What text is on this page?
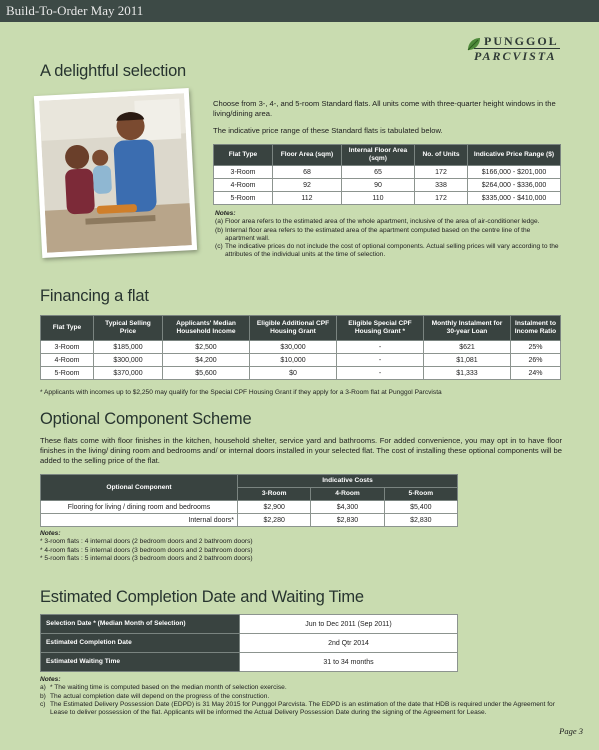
Build-To-Order May 2011
PUNGGOL
PARCVISTA
A delightful selection

Choose from 3-, 4-, and 5-room Standard flats. All units come with three-quarter height windows in the living/dining area.

The indicative price range of these Standard flats is tabulated below.

Flat Type	Floor Area (sqm)	Internal Floor Area (sqm)	No. of Units	Indicative Price Range ($)
3-Room	68	65	172	$166,000 - $201,000
4-Room	92	90	338	$264,000 - $336,000
5-Room	112	110	172	$335,000 - $410,000
Notes:
(a) Floor area refers to the estimated area of the whole apartment, inclusive of the area of air-conditioner ledge.
(b) Internal floor area refers to the estimated area of the apartment computed based on the centre line of the apartment wall.
(c) The indicative prices do not include the cost of optional components. Actual selling prices will vary according to the attributes of the individual units at the time of selection.
Financing a flat
Flat Type	Typical Selling Price	Applicants' Median Household Income	Eligible Additional CPF Housing Grant	Eligible Special CPF Housing Grant *	Monthly Instalment for 30-year Loan	Instalment to Income Ratio
3-Room	$185,000	$2,500	$30,000	-	$621	25%
4-Room	$300,000	$4,200	$10,000	-	$1,081	26%
5-Room	$370,000	$5,600	$0	-	$1,333	24%
* Applicants with incomes up to $2,250 may qualify for the Special CPF Housing Grant if they apply for a 3-Room flat at Punggol Parcvista
Optional Component Scheme

These flats come with floor finishes in the kitchen, household shelter, service yard and bathrooms. For added convenience, you may opt in to have floor finishes in the living/ dining room and bedrooms and/ or internal doors installed in your selected flat. The cost of installing these optional components will be added to the selling price of the flat.

Optional Component	Indicative Costs		
	3-Room	4-Room	5-Room
Flooring for living / dining room and bedrooms	$2,900	$4,300	$5,400
Internal doors*	$2,280	$2,830	$2,830
Notes:
* 3-room flats : 4 internal doors (2 bedroom doors and 2 bathroom doors)
* 4-room flats : 5 internal doors (3 bedroom doors and 2 bathroom doors)
* 5-room flats : 5 internal doors (3 bedroom doors and 2 bathroom doors)
Estimated Completion Date and Waiting Time
Selection Date * (Median Month of Selection)	Jun to Dec 2011 (Sep 2011)
Estimated Completion Date	2nd Qtr 2014
Estimated Waiting Time	31 to 34 months
Notes:
a) * The waiting time is computed based on the median month of selection exercise.
b) The actual completion date will depend on the progress of the construction.
c) The Estimated Delivery Possession Date (EDPD) is 31 May 2015 for Punggol Parcvista. The EDPD is an estimation of the date that HDB is required under the Agreement for Lease to deliver possession of the flat. Applicants will be informed the Actual Delivery Possession Date during the signing of the Agreement for Lease.
Page 3
